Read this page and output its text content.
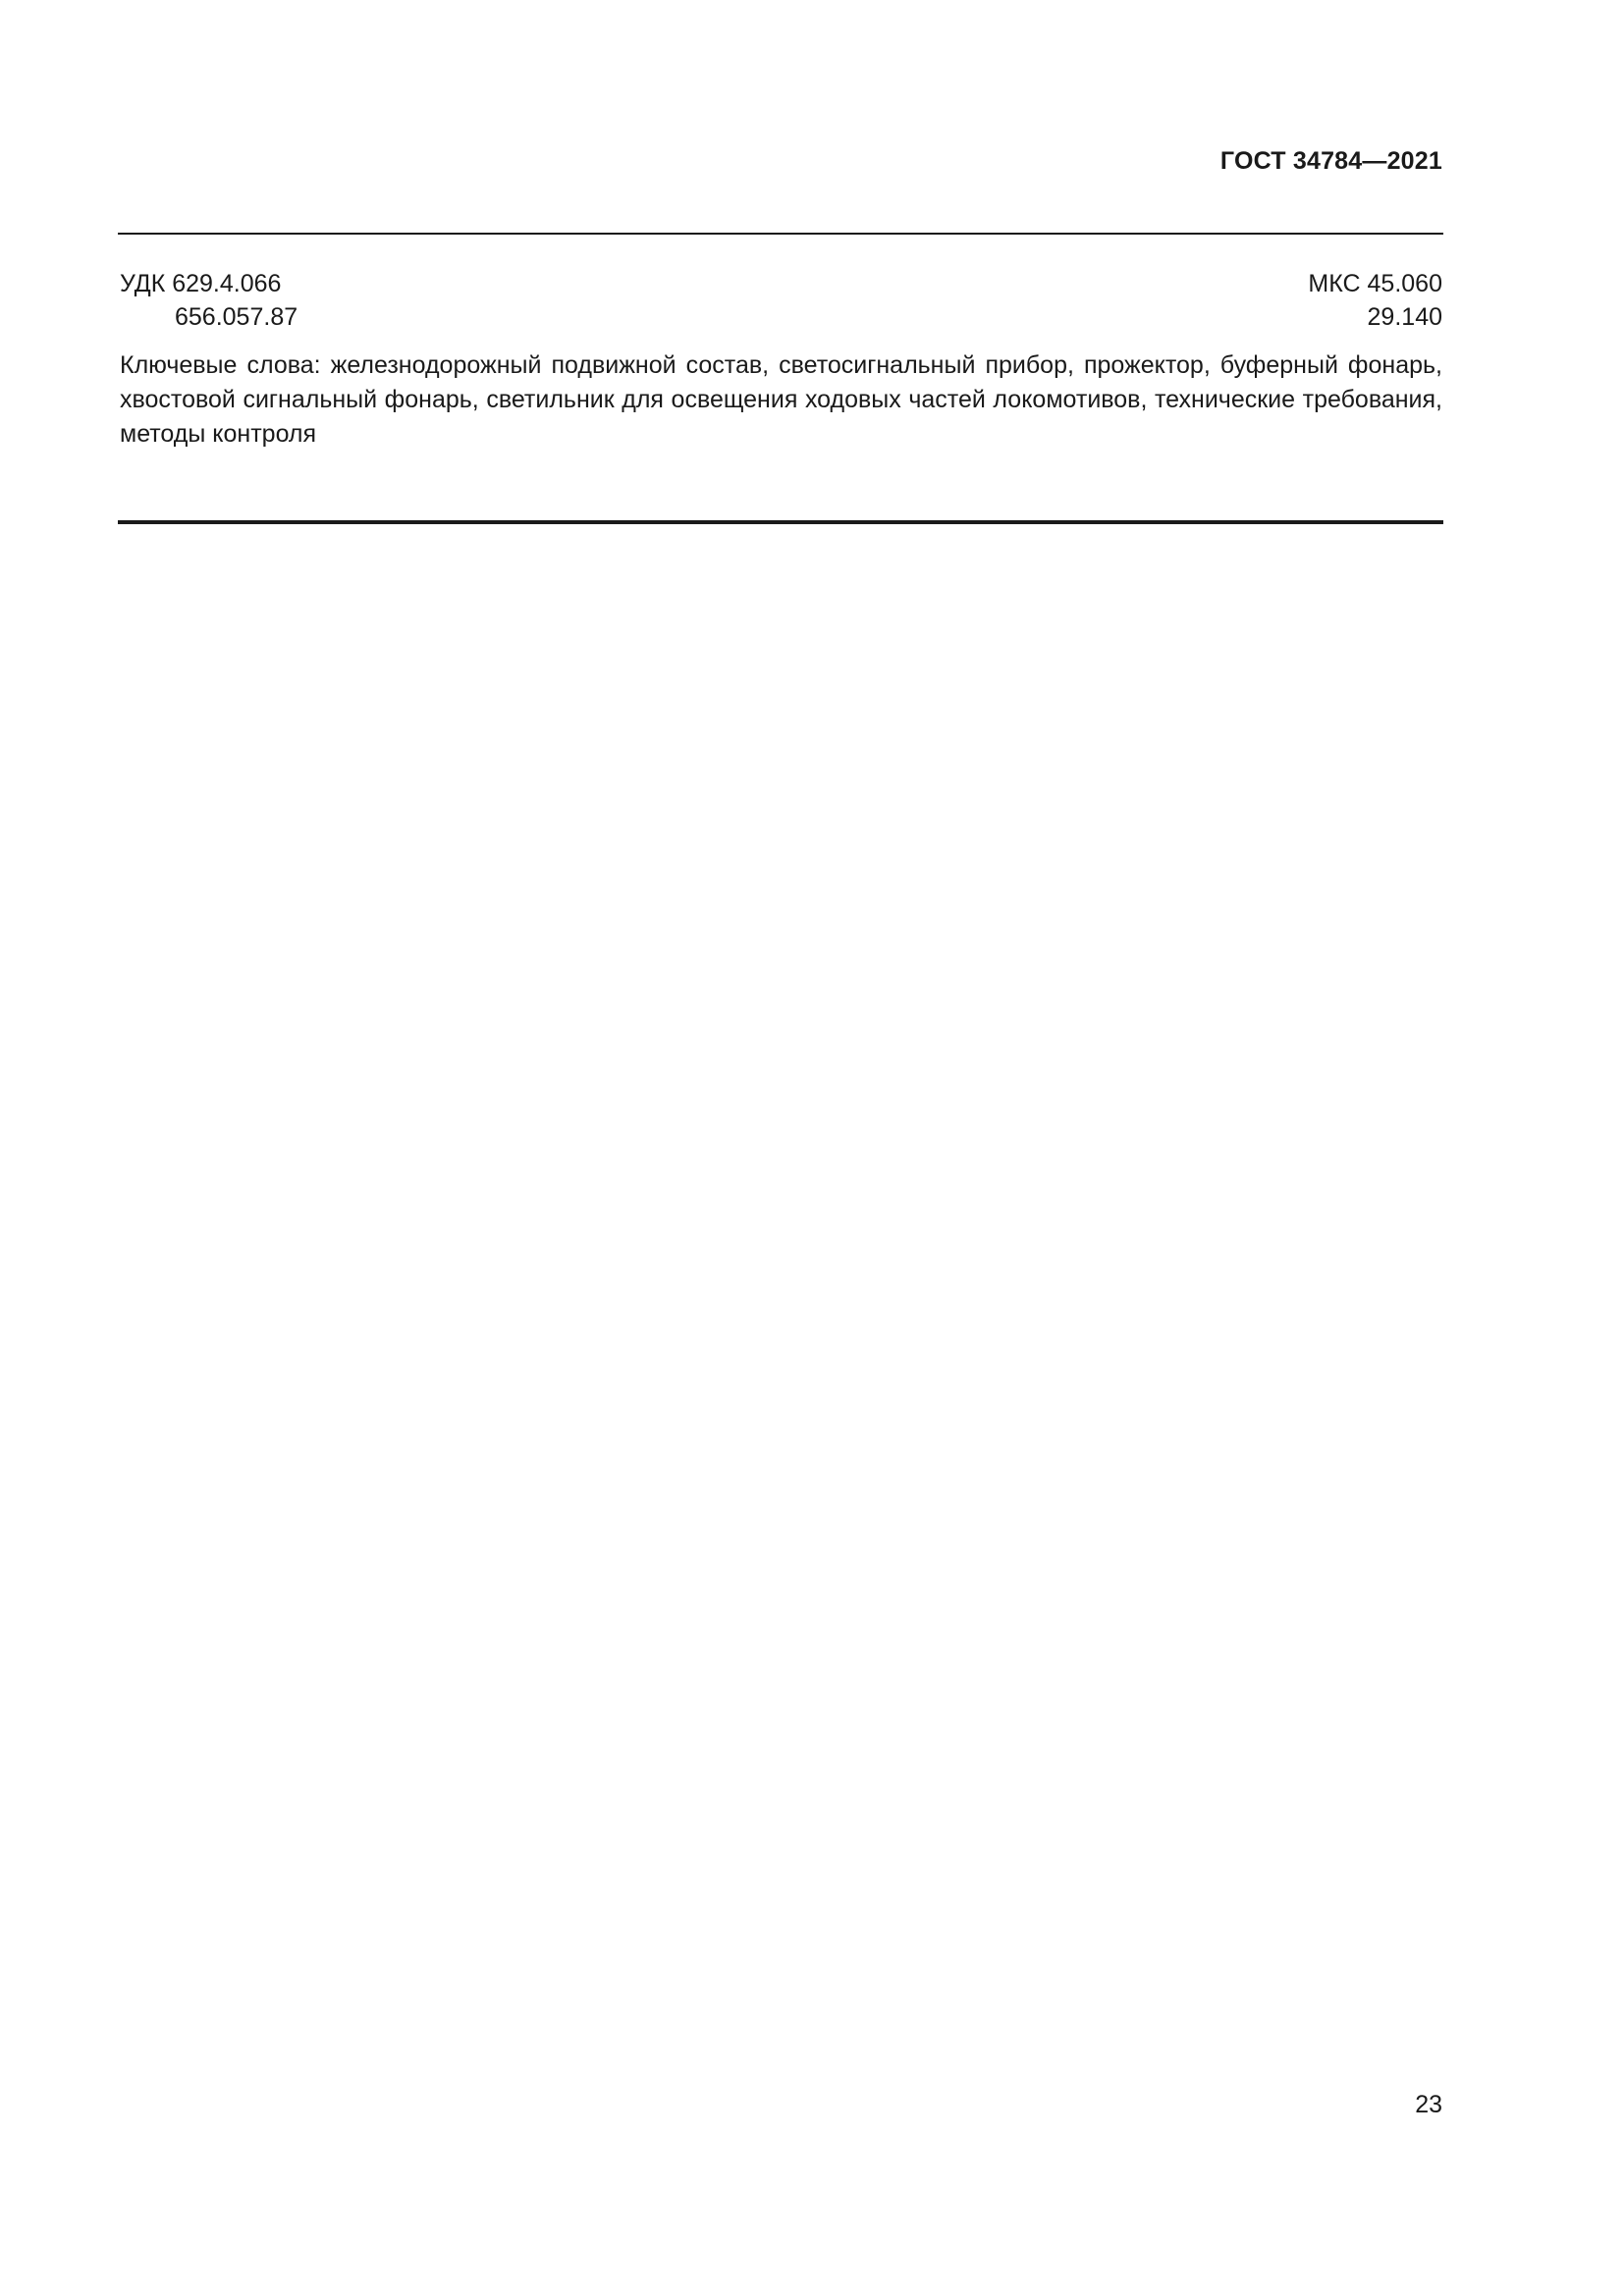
ГОСТ 34784—2021
УДК 629.4.066
656.057.87
МКС 45.060
29.140
Ключевые слова: железнодорожный подвижной состав, светосигнальный прибор, прожектор, буферный фонарь, хвостовой сигнальный фонарь, светильник для освещения ходовых частей локомотивов, технические требования, методы контроля
23
